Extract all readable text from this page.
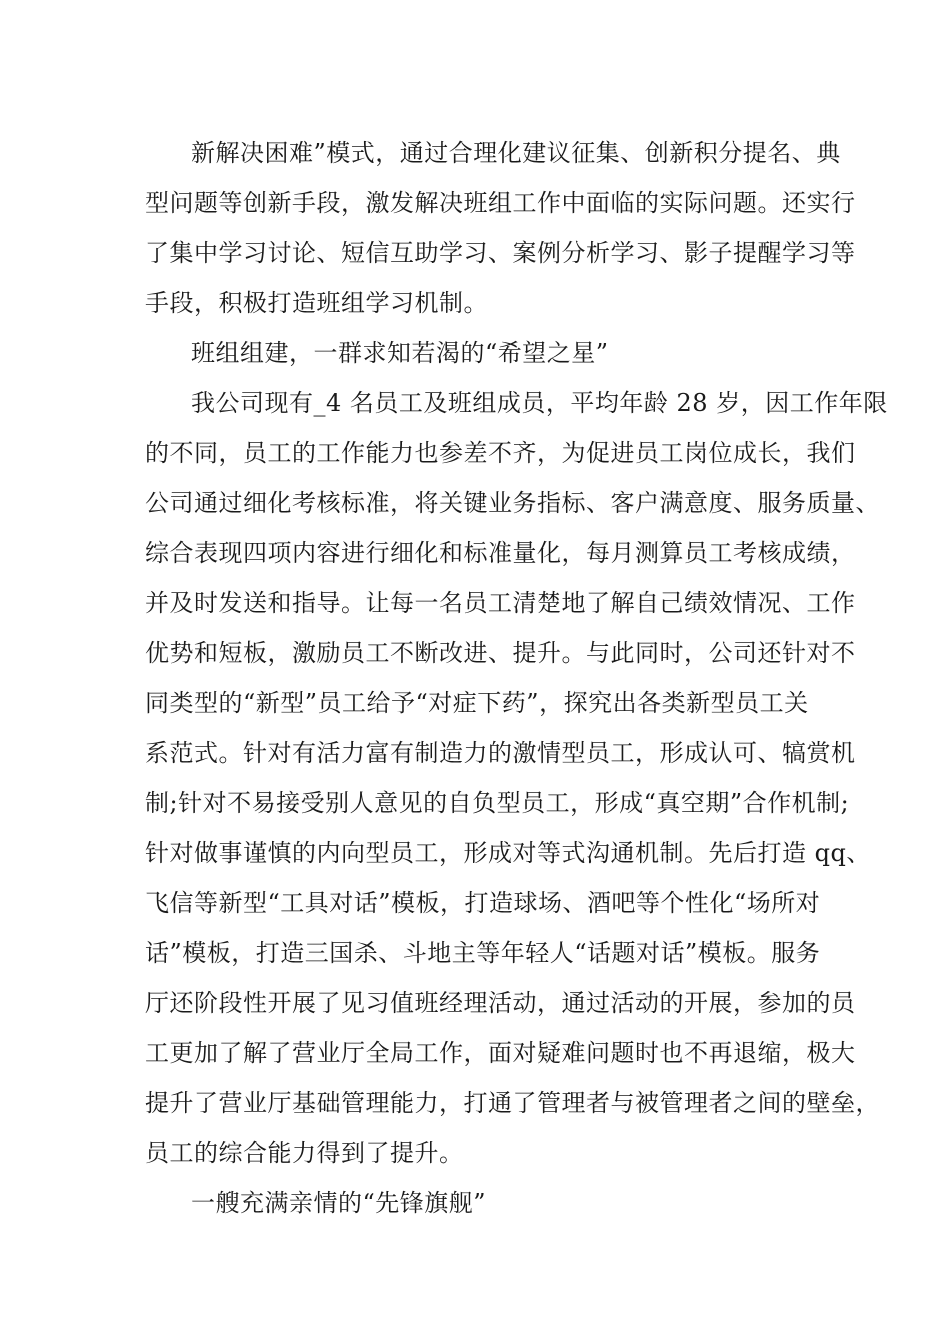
新解决困难”模式，通过合理化建议征集、创新积分提名、典
型问题等创新手段，激发解决班组工作中面临的实际问题。还实行
了集中学习讨论、短信互助学习、案例分析学习、影子提醒学习等
手段，积极打造班组学习机制。
班组组建，一群求知若渴的“希望之星”
我公司现有_4 名员工及班组成员，平均年龄 28 岁，因工作年限
的不同，员工的工作能力也参差不齐，为促进员工岗位成长，我们
公司通过细化考核标准，将关键业务指标、客户满意度、服务质量、
综合表现四项内容进行细化和标准量化，每月测算员工考核成绩，
并及时发送和指导。让每一名员工清楚地了解自己绩效情况、工作
优势和短板，激励员工不断改进、提升。与此同时，公司还针对不
同类型的“新型”员工给予“对症下药”，探究出各类新型员工关
系范式。针对有活力富有制造力的激情型员工，形成认可、犒赏机
制;针对不易接受别人意见的自负型员工，形成“真空期”合作机制;
针对做事谨慎的内向型员工，形成对等式沟通机制。先后打造 qq、
飞信等新型“工具对话”模板，打造球场、酒吧等个性化“场所对
话”模板，打造三国杀、斗地主等年轻人“话题对话”模板。服务
厅还阶段性开展了见习值班经理活动，通过活动的开展，参加的员
工更加了解了营业厅全局工作，面对疑难问题时也不再退缩，极大
提升了营业厅基础管理能力，打通了管理者与被管理者之间的壁垒，
员工的综合能力得到了提升。
一艘充满亲情的“先锋旗舰”
